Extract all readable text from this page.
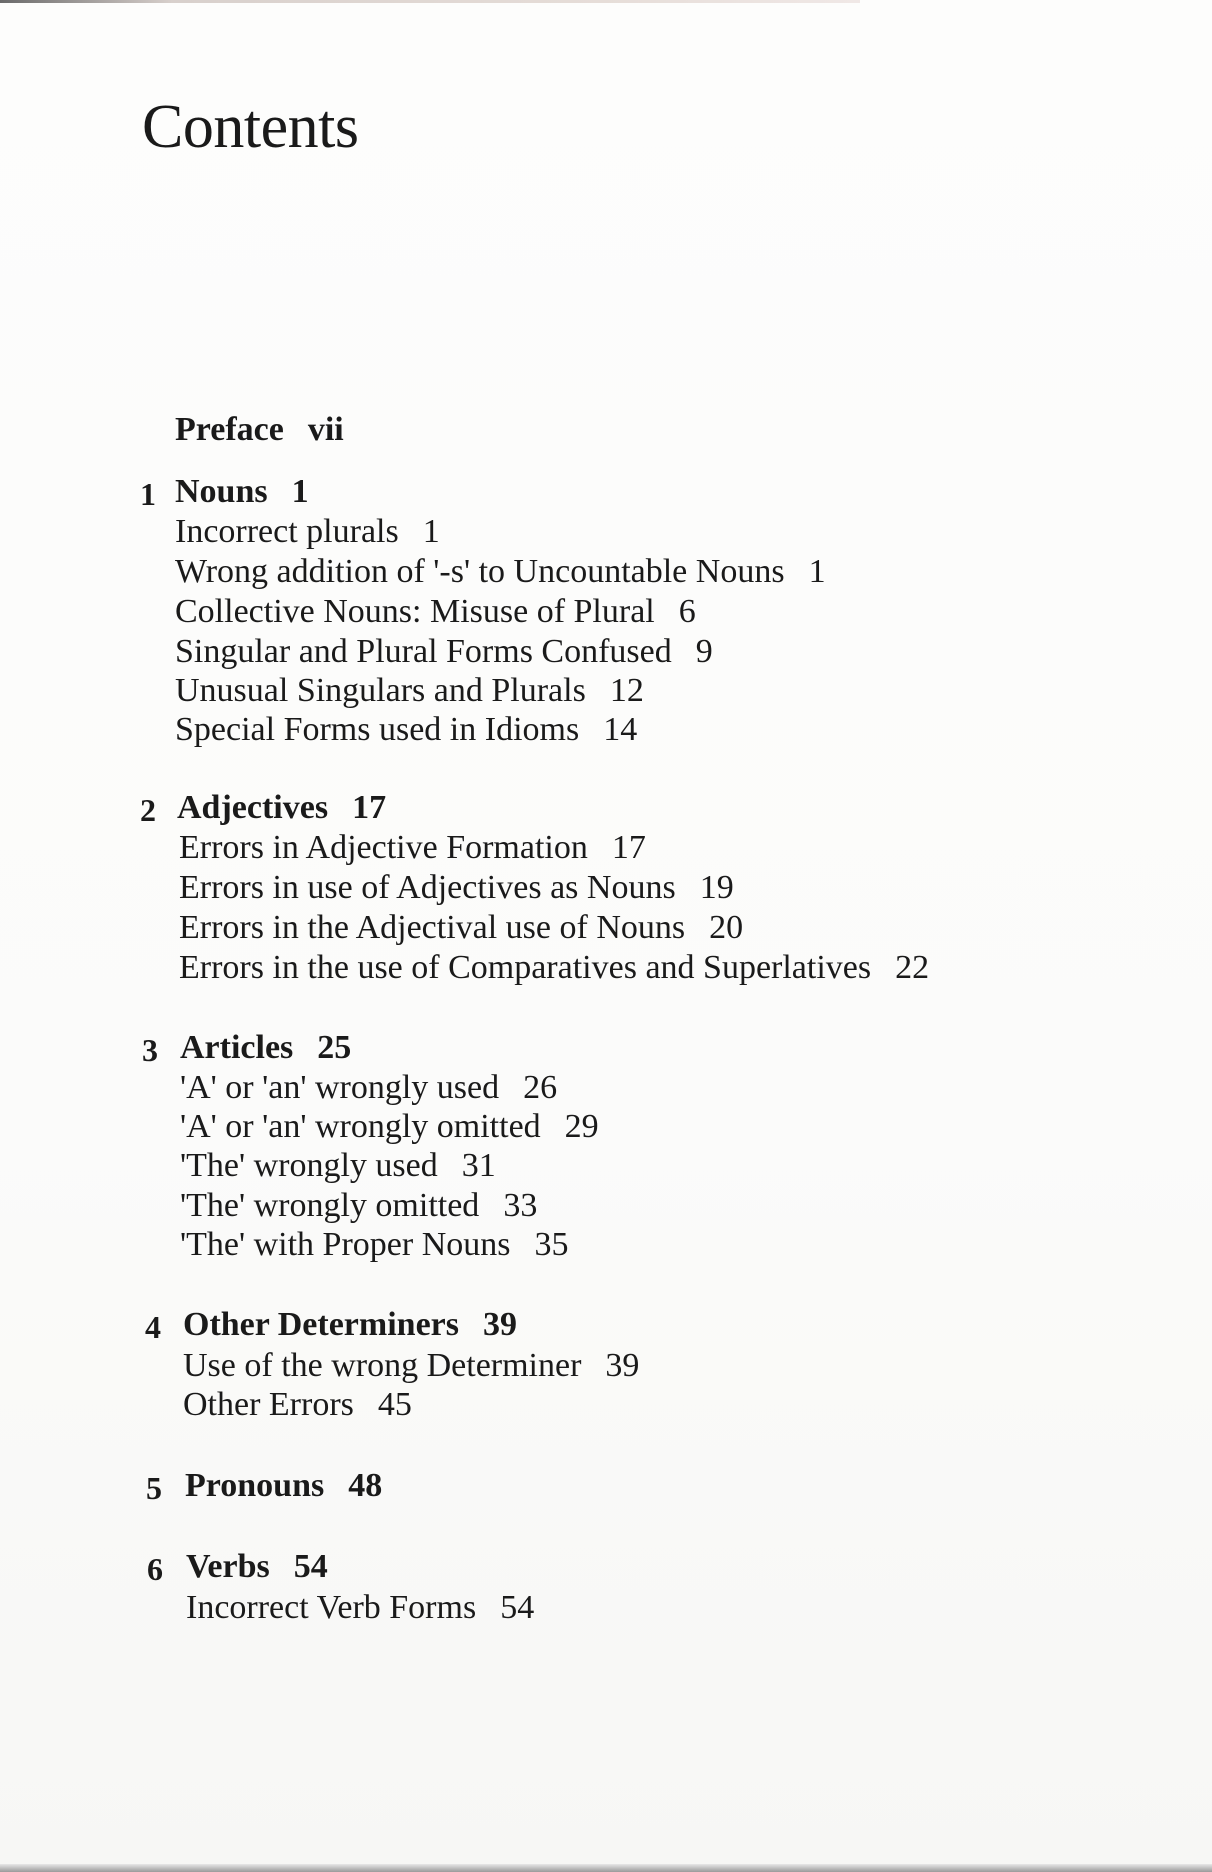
Contents
Preface vii
1 Nouns 1
Incorrect plurals 1
Wrong addition of '-s' to Uncountable Nouns 1
Collective Nouns: Misuse of Plural 6
Singular and Plural Forms Confused 9
Unusual Singulars and Plurals 12
Special Forms used in Idioms 14
2 Adjectives 17
Errors in Adjective Formation 17
Errors in use of Adjectives as Nouns 19
Errors in the Adjectival use of Nouns 20
Errors in the use of Comparatives and Superlatives 22
3 Articles 25
'A' or 'an' wrongly used 26
'A' or 'an' wrongly omitted 29
'The' wrongly used 31
'The' wrongly omitted 33
'The' with Proper Nouns 35
4 Other Determiners 39
Use of the wrong Determiner 39
Other Errors 45
5 Pronouns 48
6 Verbs 54
Incorrect Verb Forms 54
